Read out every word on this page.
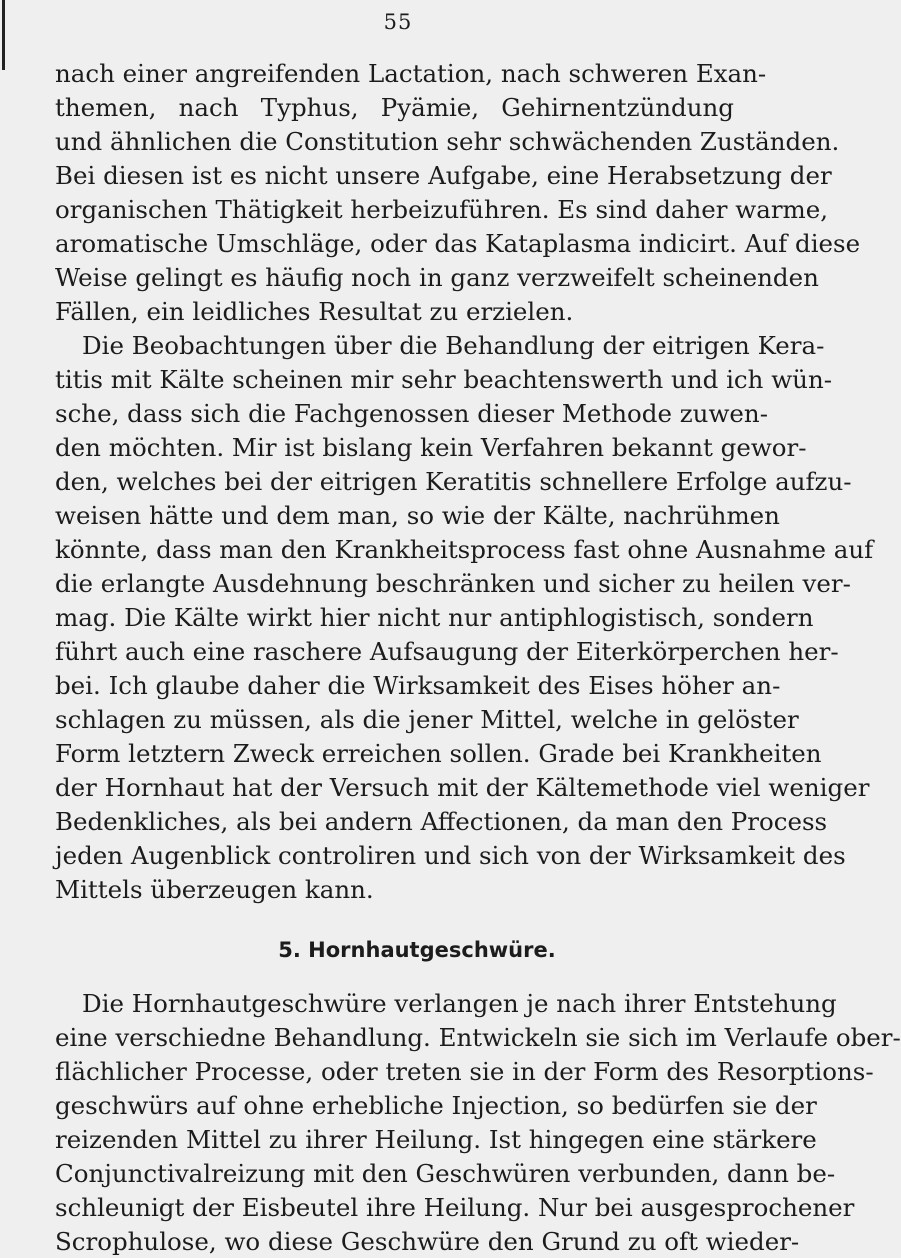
55
nach einer angreifenden Lactation, nach schweren Exan-
themen, nach Typhus, Pyämie, Gehirnentzündung
und ähnlichen die Constitution sehr schwächenden Zuständen.
Bei diesen ist es nicht unsere Aufgabe, eine Herabsetzung der
organischen Thätigkeit herbeizuführen. Es sind daher warme,
aromatische Umschläge, oder das Kataplasma indicirt. Auf diese
Weise gelingt es häufig noch in ganz verzweifelt scheinenden
Fällen, ein leidliches Resultat zu erzielen.
Die Beobachtungen über die Behandlung der eitrigen Kera-
titis mit Kälte scheinen mir sehr beachtenswerth und ich wün-
sche, dass sich die Fachgenossen dieser Methode zuwen-
den möchten. Mir ist bislang kein Verfahren bekannt gewor-
den, welches bei der eitrigen Keratitis schnellere Erfolge aufzu-
weisen hätte und dem man, so wie der Kälte, nachrühmen
könnte, dass man den Krankheitsprocess fast ohne Ausnahme auf
die erlangte Ausdehnung beschränken und sicher zu heilen ver-
mag. Die Kälte wirkt hier nicht nur antiphlogistisch, sondern
führt auch eine raschere Aufsaugung der Eiterkörperchen her-
bei. Ich glaube daher die Wirksamkeit des Eises höher an-
schlagen zu müssen, als die jener Mittel, welche in gelöster
Form letztern Zweck erreichen sollen. Grade bei Krankheiten
der Hornhaut hat der Versuch mit der Kältemethode viel weniger
Bedenkliches, als bei andern Affectionen, da man den Process
jeden Augenblick controliren und sich von der Wirksamkeit des
Mittels überzeugen kann.
5. Hornhautgeschwüre.
Die Hornhautgeschwüre verlangen je nach ihrer Entstehung
eine verschiedne Behandlung. Entwickeln sie sich im Verlaufe ober-
flächlicher Processe, oder treten sie in der Form des Resorptions-
geschwürs auf ohne erhebliche Injection, so bedürfen sie der
reizenden Mittel zu ihrer Heilung. Ist hingegen eine stärkere
Conjunctivalreizung mit den Geschwüren verbunden, dann be-
schleunigt der Eisbeutel ihre Heilung. Nur bei ausgesprochener
Scrophulose, wo diese Geschwüre den Grund zu oft wieder-
